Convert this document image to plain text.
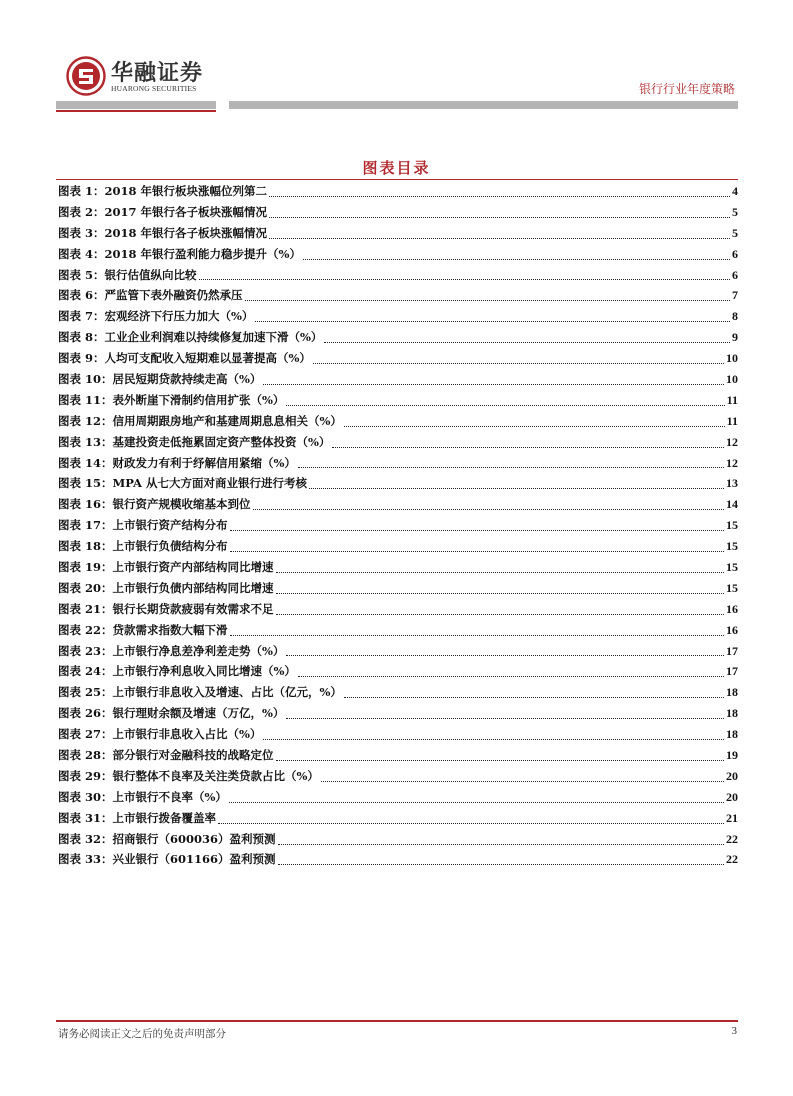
华融证券
HUARONG SECURITIES	银行行业年度策略
图表目录
图表 1：2018 年银行板块涨幅位列第二	4
图表 2：2017 年银行各子板块涨幅情况	5
图表 3：2018 年银行各子板块涨幅情况	5
图表 4：2018 年银行盈利能力稳步提升（%）	6
图表 5：银行估值纵向比较	6
图表 6：严监管下表外融资仍然承压	7
图表 7：宏观经济下行压力加大（%）	8
图表 8：工业企业利润难以持续修复加速下滑（%）	9
图表 9：人均可支配收入短期难以显著提高（%）	10
图表 10：居民短期贷款持续走高（%）	10
图表 11：表外断崖下滑制约信用扩张（%）	11
图表 12：信用周期跟房地产和基建周期息息相关（%）	11
图表 13：基建投资走低拖累固定资产整体投资（%）	12
图表 14：财政发力有利于纾解信用紧缩（%）	12
图表 15：MPA 从七大方面对商业银行进行考核	13
图表 16：银行资产规模收缩基本到位	14
图表 17：上市银行资产结构分布	15
图表 18：上市银行负债结构分布	15
图表 19：上市银行资产内部结构同比增速	15
图表 20：上市银行负债内部结构同比增速	15
图表 21：银行长期贷款疲弱有效需求不足	16
图表 22：贷款需求指数大幅下滑	16
图表 23：上市银行净息差净利差走势（%）	17
图表 24：上市银行净利息收入同比增速（%）	17
图表 25：上市银行非息收入及增速、占比（亿元，%）	18
图表 26：银行理财余额及增速（万亿，%）	18
图表 27：上市银行非息收入占比（%）	18
图表 28：部分银行对金融科技的战略定位	19
图表 29：银行整体不良率及关注类贷款占比（%）	20
图表 30：上市银行不良率（%）	20
图表 31：上市银行拨备覆盖率	21
图表 32：招商银行（600036）盈利预测	22
图表 33：兴业银行（601166）盈利预测	22
请务必阅读正文之后的免责声明部分	3
